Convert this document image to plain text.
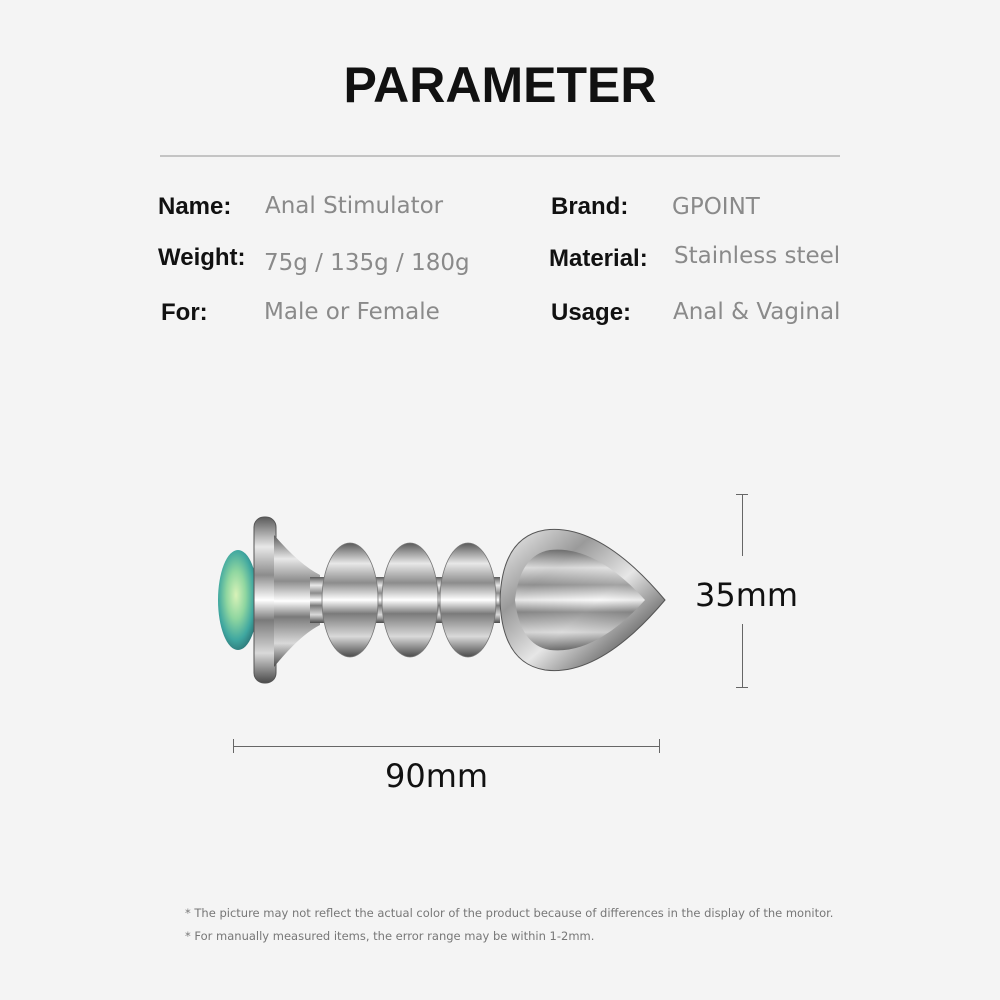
PARAMETER
Name: Anal Stimulator	Brand: GPOINT
Weight: 75g / 135g / 180g	Material: Stainless steel
For: Male or Female	Usage: Anal & Vaginal
35mm
90mm
* The picture may not reflect the actual color of the product because of differences in the display of the monitor.
* For manually measured items, the error range may be within 1-2mm.
